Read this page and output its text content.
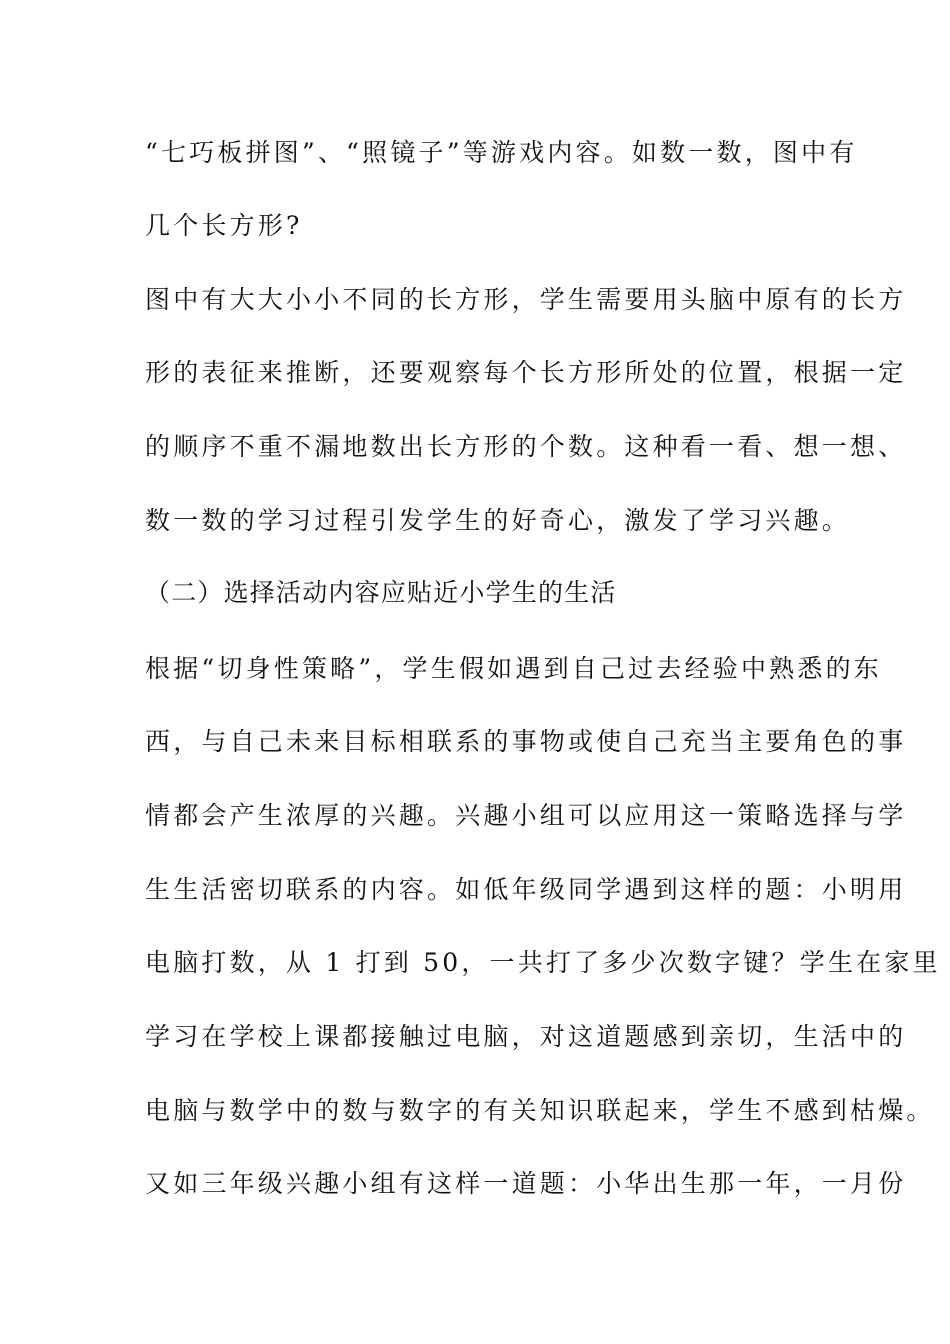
“七巧板拼图”、“照镜子”等游戏内容。如数一数，图中有
几个长方形?
图中有大大小小不同的长方形，学生需要用头脑中原有的长方
形的表征来推断，还要观察每个长方形所处的位置，根据一定
的顺序不重不漏地数出长方形的个数。这种看一看、想一想、
数一数的学习过程引发学生的好奇心，激发了学习兴趣。
（二）选择活动内容应贴近小学生的生活
根据“切身性策略”，学生假如遇到自己过去经验中熟悉的东
西，与自己未来目标相联系的事物或使自己充当主要角色的事
情都会产生浓厚的兴趣。兴趣小组可以应用这一策略选择与学
生生活密切联系的内容。如低年级同学遇到这样的题：小明用
电脑打数，从 1 打到 50，一共打了多少次数字键？学生在家里
学习在学校上课都接触过电脑，对这道题感到亲切，生活中的
电脑与数学中的数与数字的有关知识联起来，学生不感到枯燥。
又如三年级兴趣小组有这样一道题：小华出生那一年，一月份
